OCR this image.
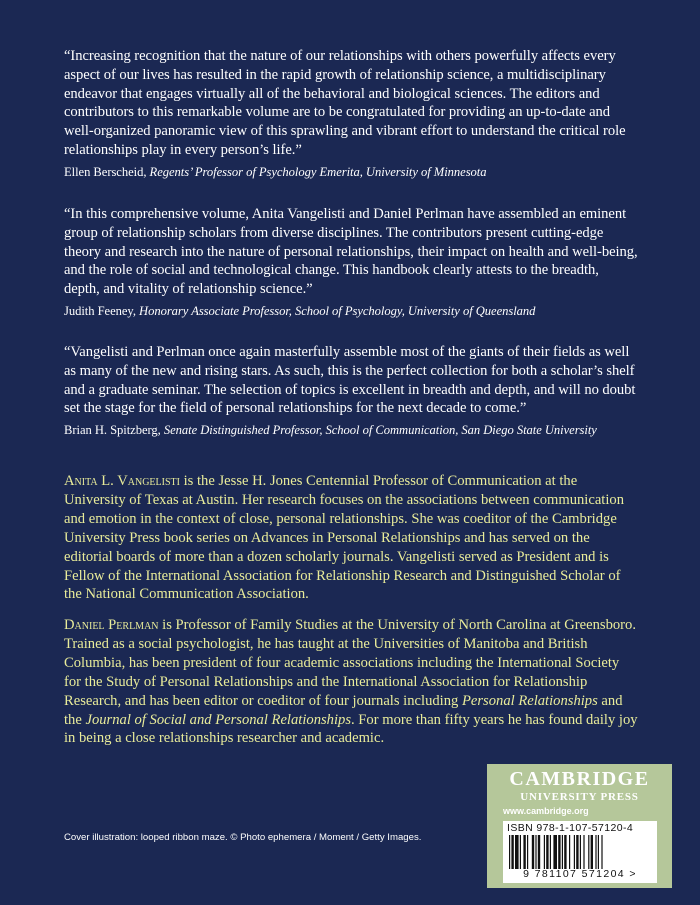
“Increasing recognition that the nature of our relationships with others powerfully affects every aspect of our lives has resulted in the rapid growth of relationship science, a multidisciplinary endeavor that engages virtually all of the behavioral and biological sciences. The editors and contributors to this remarkable volume are to be congratulated for providing an up-to-date and well-organized panoramic view of this sprawling and vibrant effort to understand the critical role relationships play in every person’s life.”

Ellen Berscheid, Regents’ Professor of Psychology Emerita, University of Minnesota

“In this comprehensive volume, Anita Vangelisti and Daniel Perlman have assembled an eminent group of relationship scholars from diverse disciplines. The contributors present cutting-edge theory and research into the nature of personal relationships, their impact on health and well-being, and the role of social and technological change. This handbook clearly attests to the breadth, depth, and vitality of relationship science.”

Judith Feeney, Honorary Associate Professor, School of Psychology, University of Queensland

“Vangelisti and Perlman once again masterfully assemble most of the giants of their fields as well as many of the new and rising stars. As such, this is the perfect collection for both a scholar’s shelf and a graduate seminar. The selection of topics is excellent in breadth and depth, and will no doubt set the stage for the field of personal relationships for the next decade to come.”

Brian H. Spitzberg, Senate Distinguished Professor, School of Communication, San Diego State University

Anita L. Vangelisti is the Jesse H. Jones Centennial Professor of Communication at the University of Texas at Austin. Her research focuses on the associations between communication and emotion in the context of close, personal relationships. She was coeditor of the Cambridge University Press book series on Advances in Personal Relationships and has served on the editorial boards of more than a dozen scholarly journals. Vangelisti served as President and is Fellow of the International Association for Relationship Research and Distinguished Scholar of the National Communication Association.

Daniel Perlman is Professor of Family Studies at the University of North Carolina at Greensboro. Trained as a social psychologist, he has taught at the Universities of Manitoba and British Columbia, has been president of four academic associations including the International Society for the Study of Personal Relationships and the International Association for Relationship Research, and has been editor or coeditor of four journals including Personal Relationships and the Journal of Social and Personal Relationships. For more than fifty years he has found daily joy in being a close relationships researcher and academic.

Cover illustration: looped ribbon maze. © Photo ephemera / Moment / Getty Images.
CAMBRIDGE
UNIVERSITY PRESS
www.cambridge.org
ISBN 978-1-107-57120-4
9 781107 571204 >
